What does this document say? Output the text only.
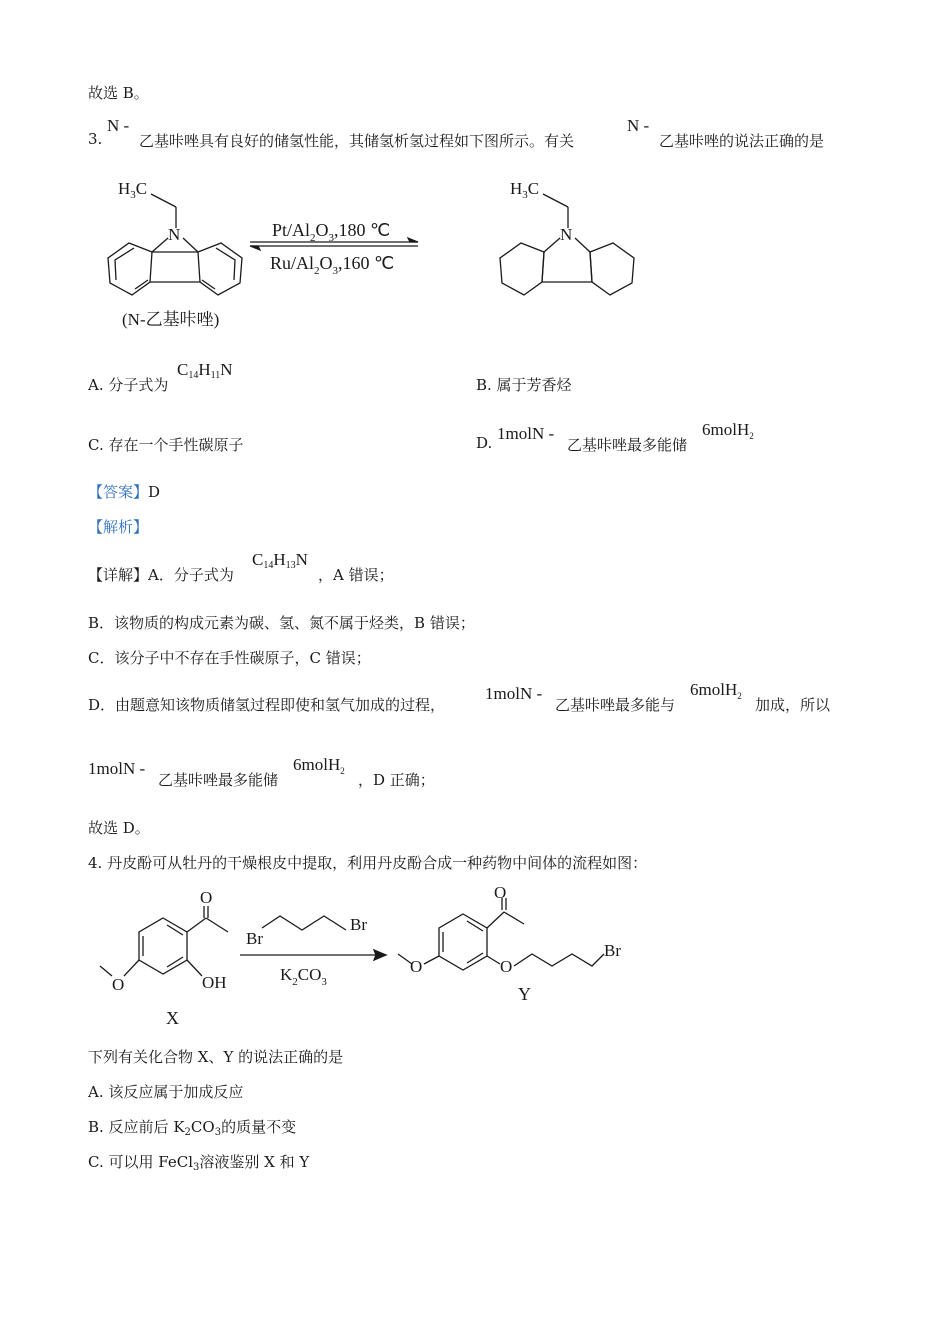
故选 B。
3.
N -
乙基咔唑具有良好的储氢性能，其储氢析氢过程如下图所示。有关
N -
乙基咔唑的说法正确的是
$H_3C$
N
(N-乙基咔唑)
$Pt/Al_2O_3,180$ ℃
$Ru/Al_2O_3,160$ ℃
$H_3C$
N
A. 分子式为
$C_{14}H_{11}N$
B. 属于芳香烃
C. 存在一个手性碳原子	D. 1molN -
乙基咔唑最多能储
6molH$_2$
【答案】D
【解析】
【详解】A．分子式为
$C_{14}H_{13}N$
，A 错误；
B．该物质的构成元素为碳、氢、氮不属于烃类，B 错误；
C．该分子中不存在手性碳原子，C 错误；
D．由题意知该物质储氢过程即使和氢气加成的过程，
1molN -
乙基咔唑最多能与
6molH$_2$ 加成，所以
1molN -
乙基咔唑最多能储
6molH$_2$ ，D 正确；
故选 D。
4. 丹皮酚可从牡丹的干燥根皮中提取，利用丹皮酚合成一种药物中间体的流程如图：
O
O	OH
X
Br
Br
$K_2CO_3$
O
O	O
Br
Y
下列有关化合物 X、Y 的说法正确的是
A. 该反应属于加成反应
B. 反应前后 $K_2CO_3$的质量不变
C. 可以用 FeCl$_3$溶液鉴别 X 和 Y
